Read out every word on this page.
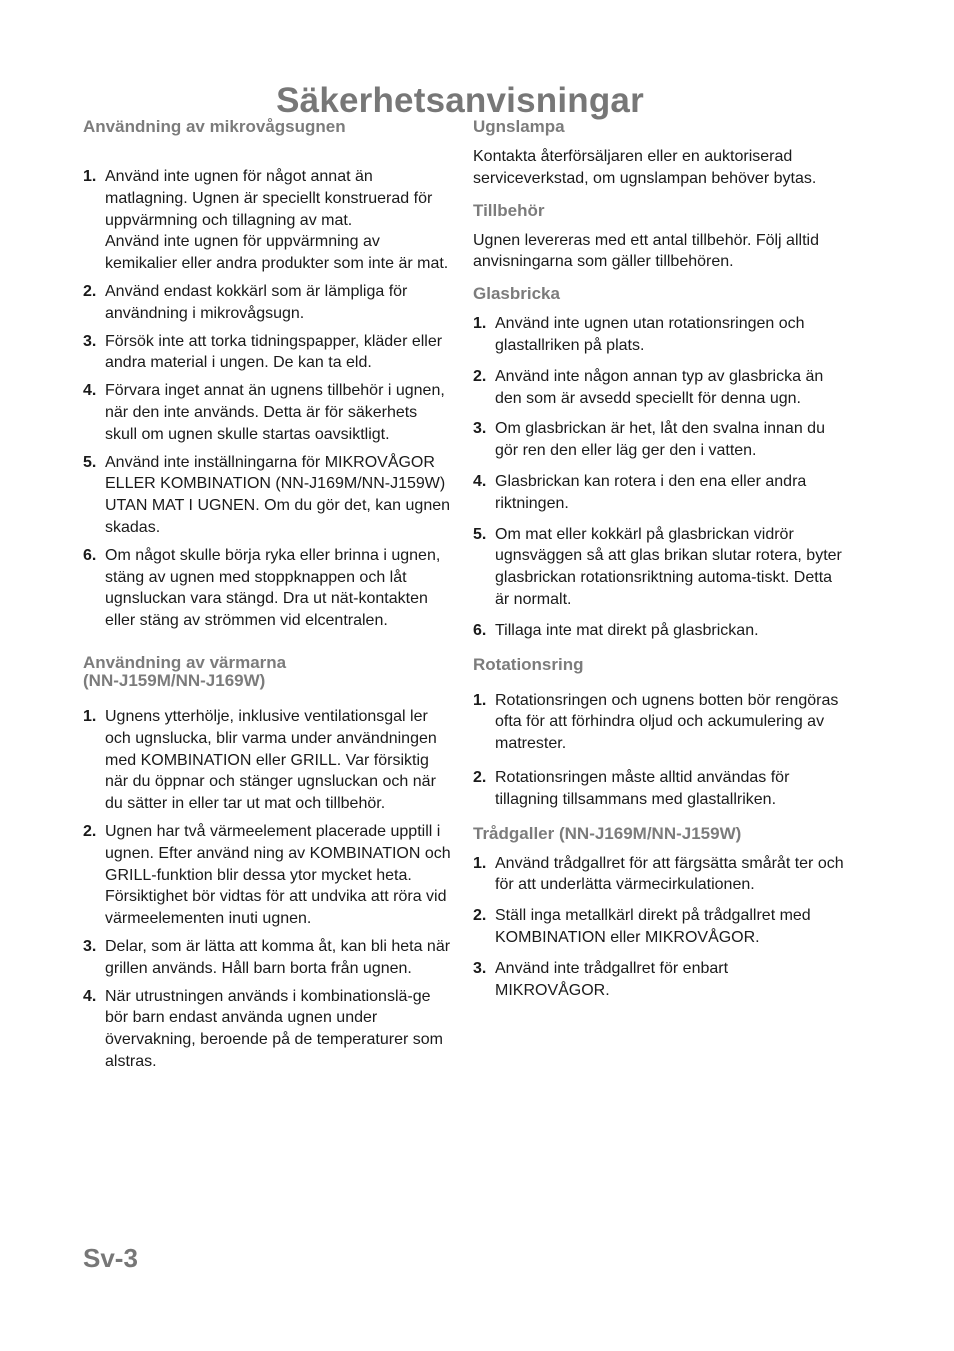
Säkerhetsanvisningar
Användning av mikrovågsugnen
1. Använd inte ugnen för något annat än matlagning. Ugnen är speciellt konstruerad för uppvärmning och tillagning av mat.
Använd inte ugnen för uppvärmning av kemikalier eller andra produkter som inte är mat.
2. Använd endast kokkärl som är lämpliga för användning i mikrovågsugn.
3. Försök inte att torka tidningspapper, kläder eller andra material i ungen. De kan ta eld.
4. Förvara inget annat än ugnens tillbehör i ugnen, när den inte används. Detta är för säkerhets skull om ugnen skulle startas oavsiktligt.
5. Använd inte inställningarna för MIKROVÅGOR ELLER KOMBINATION (NN-J169M/NN-J159W) UTAN MAT I UGNEN. Om du gör det, kan ugnen skadas.
6. Om något skulle börja ryka eller brinna i ugnen, stäng av ugnen med stoppknappen och låt ugnsluckan vara stängd. Dra ut nät-kontakten eller stäng av strömmen vid elcentralen.
Användning av värmarna
(NN-J159M/NN-J169W)
1. Ugnens ytterhölje, inklusive ventilationsgal ler och ugnslucka, blir varma under användningen med KOMBINATION eller GRILL. Var försiktig när du öppnar och stänger ugnsluckan och när du sätter in eller tar ut mat och tillbehör.
2. Ugnen har två värmeelement placerade upptill i ugnen. Efter använd ning av KOMBINATION och GRILL-funktion blir dessa ytor mycket heta.
Försiktighet bör vidtas för att undvika att röra vid värmeelementen inuti ugnen.
3. Delar, som är lätta att komma åt, kan bli heta när grillen används. Håll barn borta från ugnen.
4. När utrustningen används i kombinationslä-ge bör barn endast använda ugnen under övervakning, beroende på de temperaturer som alstras.
Ugnslampa

Kontakta återförsäljaren eller en auktoriserad serviceverkstad, om ugnslampan behöver bytas.

Tillbehör

Ugnen levereras med ett antal tillbehör. Följ alltid anvisningarna som gäller tillbehören.

Glasbricka
1. Använd inte ugnen utan rotationsringen och glastallriken på plats.
2. Använd inte någon annan typ av glasbricka än den som är avsedd speciellt för denna ugn.
3. Om glasbrickan är het, låt den svalna innan du gör ren den eller läg ger den i vatten.
4. Glasbrickan kan rotera i den ena eller andra riktningen.
5. Om mat eller kokkärl på glasbrickan vidrör ugnsväggen så att glas brikan slutar rotera, byter glasbrickan rotationsriktning automa-tiskt. Detta är normalt.
6. Tillaga inte mat direkt på glasbrickan.
Rotationsring
1. Rotationsringen och ugnens botten bör rengöras ofta för att förhindra oljud och ackumulering av matrester.
2. Rotationsringen måste alltid användas för tillagning tillsammans med glastallriken.
Trådgaller (NN-J169M/NN-J159W)
1. Använd trådgallret för att färgsätta småråt ter och för att underlätta värmecirkulationen.
2. Ställ inga metallkärl direkt på trådgallret med KOMBINATION eller MIKROVÅGOR.
3. Använd inte trådgallret för enbart MIKROVÅGOR.
Sv-3
